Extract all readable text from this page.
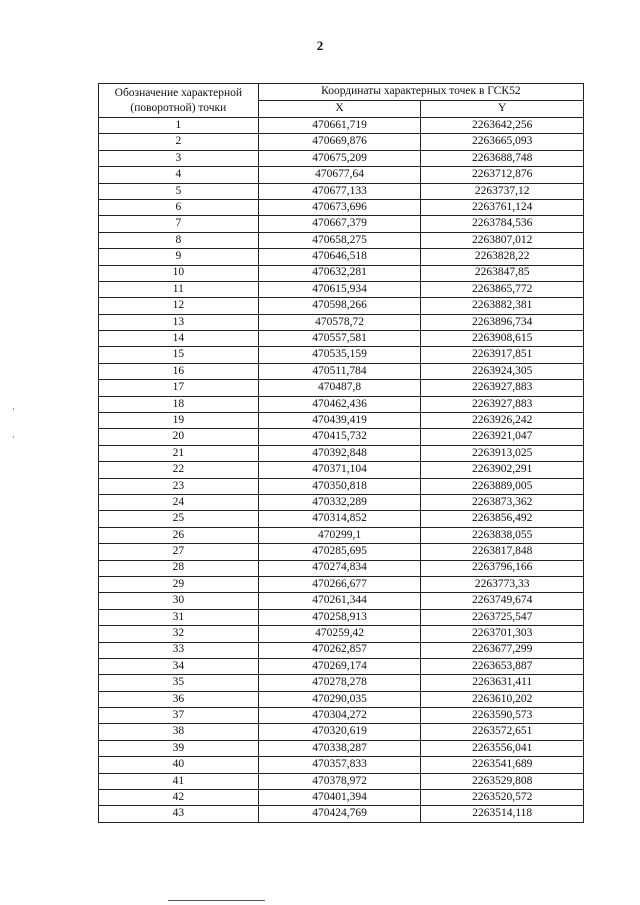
2
Обозначение характерной (поворотной) точки	Координаты характерных точек в ГСК52	
	X	Y
1	470661,719	2263642,256
2	470669,876	2263665,093
3	470675,209	2263688,748
4	470677,64	2263712,876
5	470677,133	2263737,12
6	470673,696	2263761,124
7	470667,379	2263784,536
8	470658,275	2263807,012
9	470646,518	2263828,22
10	470632,281	2263847,85
11	470615,934	2263865,772
12	470598,266	2263882,381
13	470578,72	2263896,734
14	470557,581	2263908,615
15	470535,159	2263917,851
16	470511,784	2263924,305
17	470487,8	2263927,883
18	470462,436	2263927,883
19	470439,419	2263926,242
20	470415,732	2263921,047
21	470392,848	2263913,025
22	470371,104	2263902,291
23	470350,818	2263889,005
24	470332,289	2263873,362
25	470314,852	2263856,492
26	470299,1	2263838,055
27	470285,695	2263817,848
28	470274,834	2263796,166
29	470266,677	2263773,33
30	470261,344	2263749,674
31	470258,913	2263725,547
32	470259,42	2263701,303
33	470262,857	2263677,299
34	470269,174	2263653,887
35	470278,278	2263631,411
36	470290,035	2263610,202
37	470304,272	2263590,573
38	470320,619	2263572,651
39	470338,287	2263556,041
40	470357,833	2263541,689
41	470378,972	2263529,808
42	470401,394	2263520,572
43	470424,769	2263514,118
